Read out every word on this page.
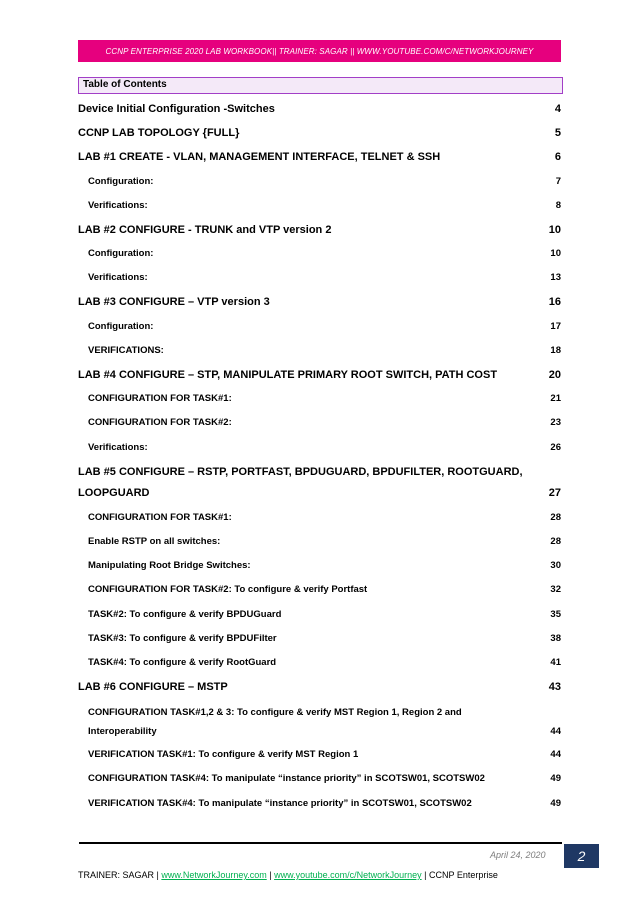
CCNP ENTERPRISE 2020 LAB WORKBOOK|| TRAINER: SAGAR || WWW.YOUTUBE.COM/C/NETWORKJOURNEY
Table of Contents
Device Initial Configuration -Switches	4
CCNP LAB TOPOLOGY {FULL}	5
LAB #1 CREATE - VLAN, MANAGEMENT INTERFACE, TELNET & SSH	6
Configuration:	7
Verifications:	8
LAB #2 CONFIGURE - TRUNK and VTP version 2	10
Configuration:	10
Verifications:	13
LAB #3 CONFIGURE – VTP version 3	16
Configuration:	17
VERIFICATIONS:	18
LAB #4 CONFIGURE – STP, MANIPULATE PRIMARY ROOT SWITCH, PATH COST	20
CONFIGURATION FOR TASK#1:	21
CONFIGURATION FOR TASK#2:	23
Verifications:	26
LAB #5 CONFIGURE – RSTP, PORTFAST, BPDUGUARD, BPDUFILTER, ROOTGUARD, LOOPGUARD	27
CONFIGURATION FOR TASK#1:	28
Enable RSTP on all switches:	28
Manipulating Root Bridge Switches:	30
CONFIGURATION FOR TASK#2: To configure & verify Portfast	32
TASK#2: To configure & verify BPDUGuard	35
TASK#3: To configure & verify BPDUFilter	38
TASK#4: To configure & verify RootGuard	41
LAB #6 CONFIGURE – MSTP	43
CONFIGURATION TASK#1,2 & 3: To configure & verify MST Region 1, Region 2 and Interoperability	44
VERIFICATION TASK#1: To configure & verify MST Region 1	44
CONFIGURATION TASK#4: To manipulate “instance priority” in SCOTSW01, SCOTSW02	49
VERIFICATION TASK#4: To manipulate “instance priority” in SCOTSW01, SCOTSW02	49
April 24, 2020	2
TRAINER: SAGAR | www.NetworkJourney.com | www.youtube.com/c/NetworkJourney | CCNP Enterprise
